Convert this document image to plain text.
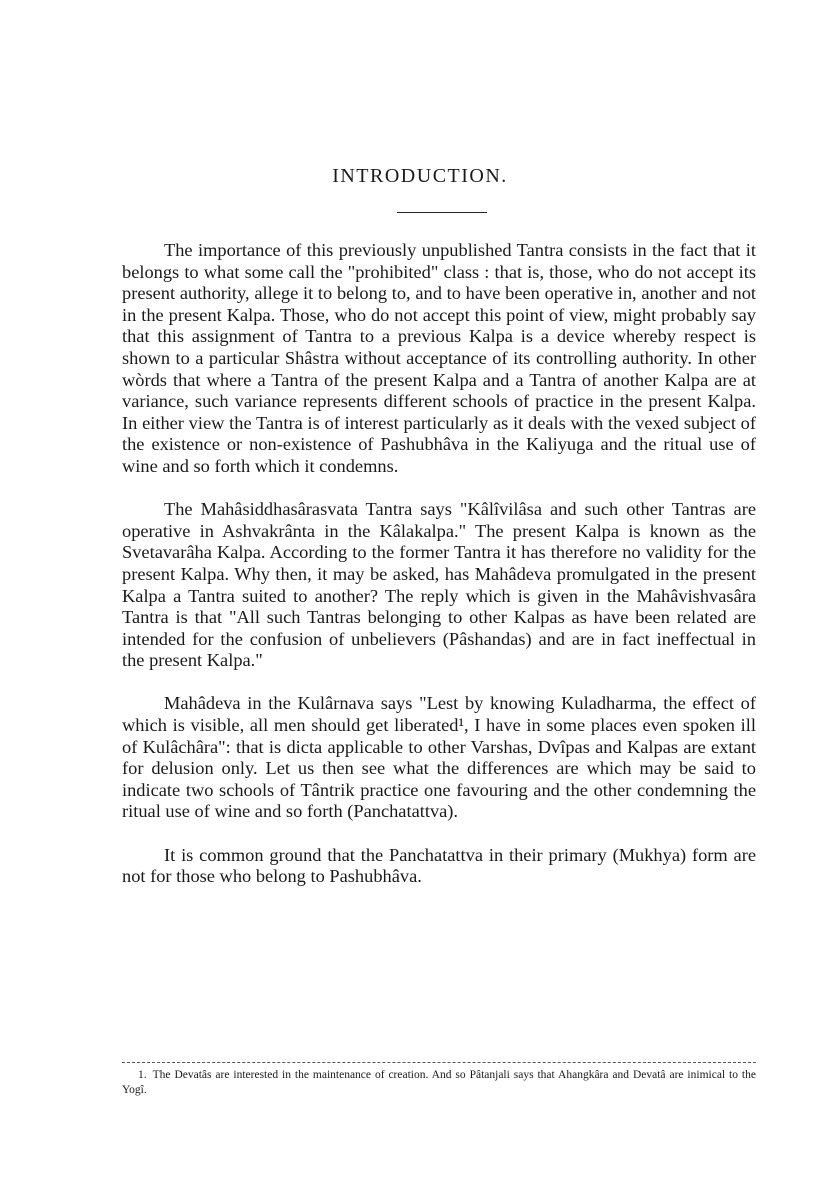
INTRODUCTION.

The importance of this previously unpublished Tantra consists in the fact that it belongs to what some call the "prohibited" class : that is, those, who do not accept its present authority, allege it to belong to, and to have been operative in, another and not in the present Kalpa. Those, who do not accept this point of view, might probably say that this assignment of Tantra to a previous Kalpa is a device whereby respect is shown to a particular Shâstra without acceptance of its controlling authority. In other wòrds that where a Tantra of the present Kalpa and a Tantra of another Kalpa are at variance, such variance represents different schools of practice in the present Kalpa. In either view the Tantra is of interest particularly as it deals with the vexed subject of the existence or non-existence of Pashubhâva in the Kaliyuga and the ritual use of wine and so forth which it condemns.

The Mahâsiddhasârasvata Tantra says "Kâlîvilâsa and such other Tantras are operative in Ashvakrânta in the Kâlakalpa." The present Kalpa is known as the Svetavarâha Kalpa. According to the former Tantra it has therefore no validity for the present Kalpa. Why then, it may be asked, has Mahâdeva promulgated in the present Kalpa a Tantra suited to another? The reply which is given in the Mahâvishvasâra Tantra is that "All such Tantras belonging to other Kalpas as have been related are intended for the confusion of unbelievers (Pâshandas) and are in fact ineffectual in the present Kalpa."

Mahâdeva in the Kulârnava says "Lest by knowing Kuladharma, the effect of which is visible, all men should get liberated¹, I have in some places even spoken ill of Kulâchâra": that is dicta applicable to other Varshas, Dvîpas and Kalpas are extant for delusion only. Let us then see what the differences are which may be said to indicate two schools of Tântrik practice one favouring and the other condemning the ritual use of wine and so forth (Panchatattva).

It is common ground that the Panchatattva in their primary (Mukhya) form are not for those who belong to Pashubhâva.

1. The Devatâs are interested in the maintenance of creation. And so Pâtanjali says that Ahangkâra and Devatâ are inimical to the Yogî.
